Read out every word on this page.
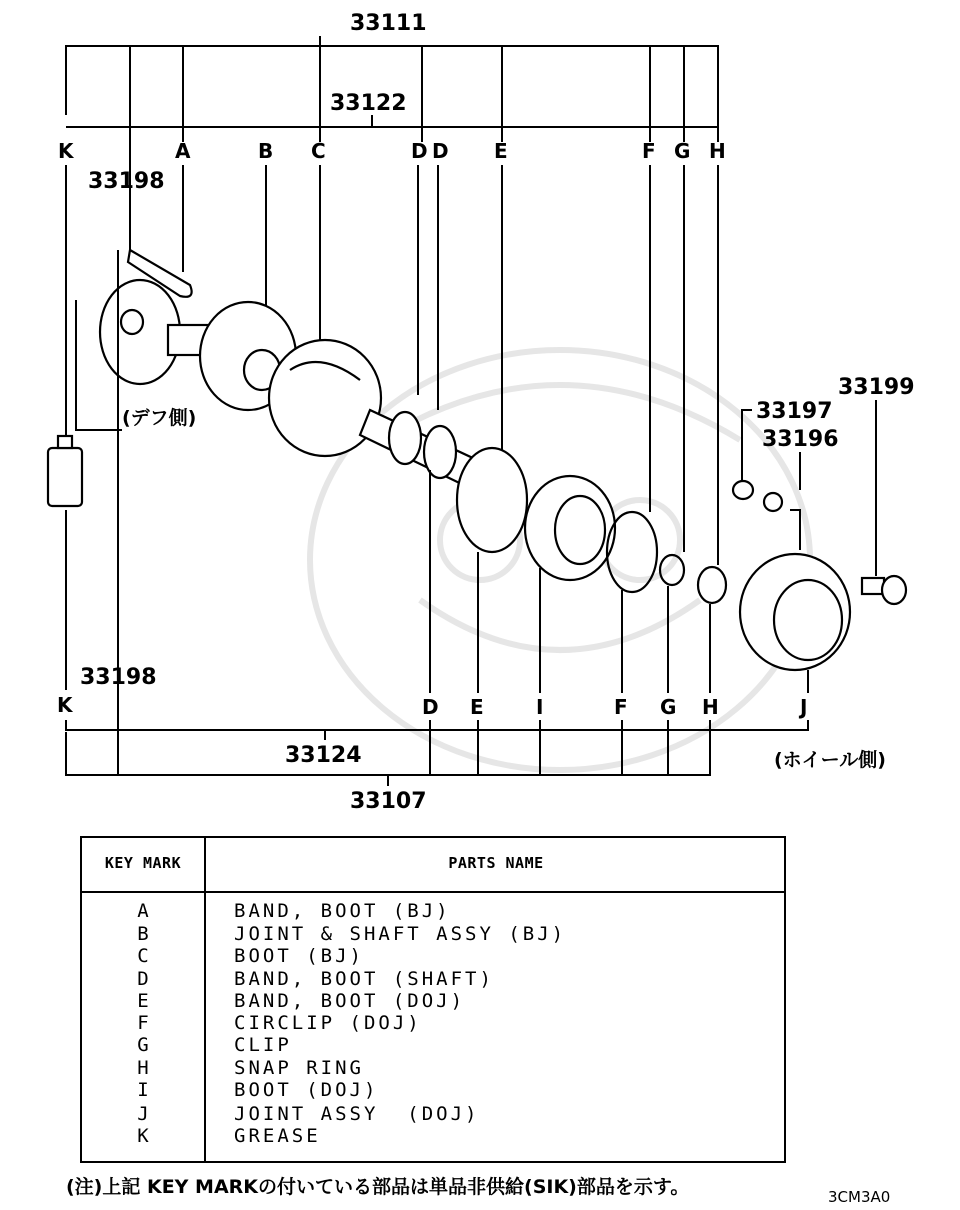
33111
33122
K	A	B C	D D E	F G H
33198
(デフ側)
33199
33197
33196
33198
K	D E	I	F G H	J
33124
33107
(ホイール側)
KEY MARK	PARTS NAME
A	BAND, BOOT (BJ)
B	JOINT & SHAFT ASSY (BJ)
C	BOOT (BJ)
D	BAND, BOOT (SHAFT)
E	BAND, BOOT (DOJ)
F	CIRCLIP (DOJ)
G	CLIP
H	SNAP RING
I	BOOT (DOJ)
J	JOINT ASSY  (DOJ)
K	GREASE
(注)上記 KEY MARKの付いている部品は単品非供給(SIK)部品を示す。	3CM3A0
